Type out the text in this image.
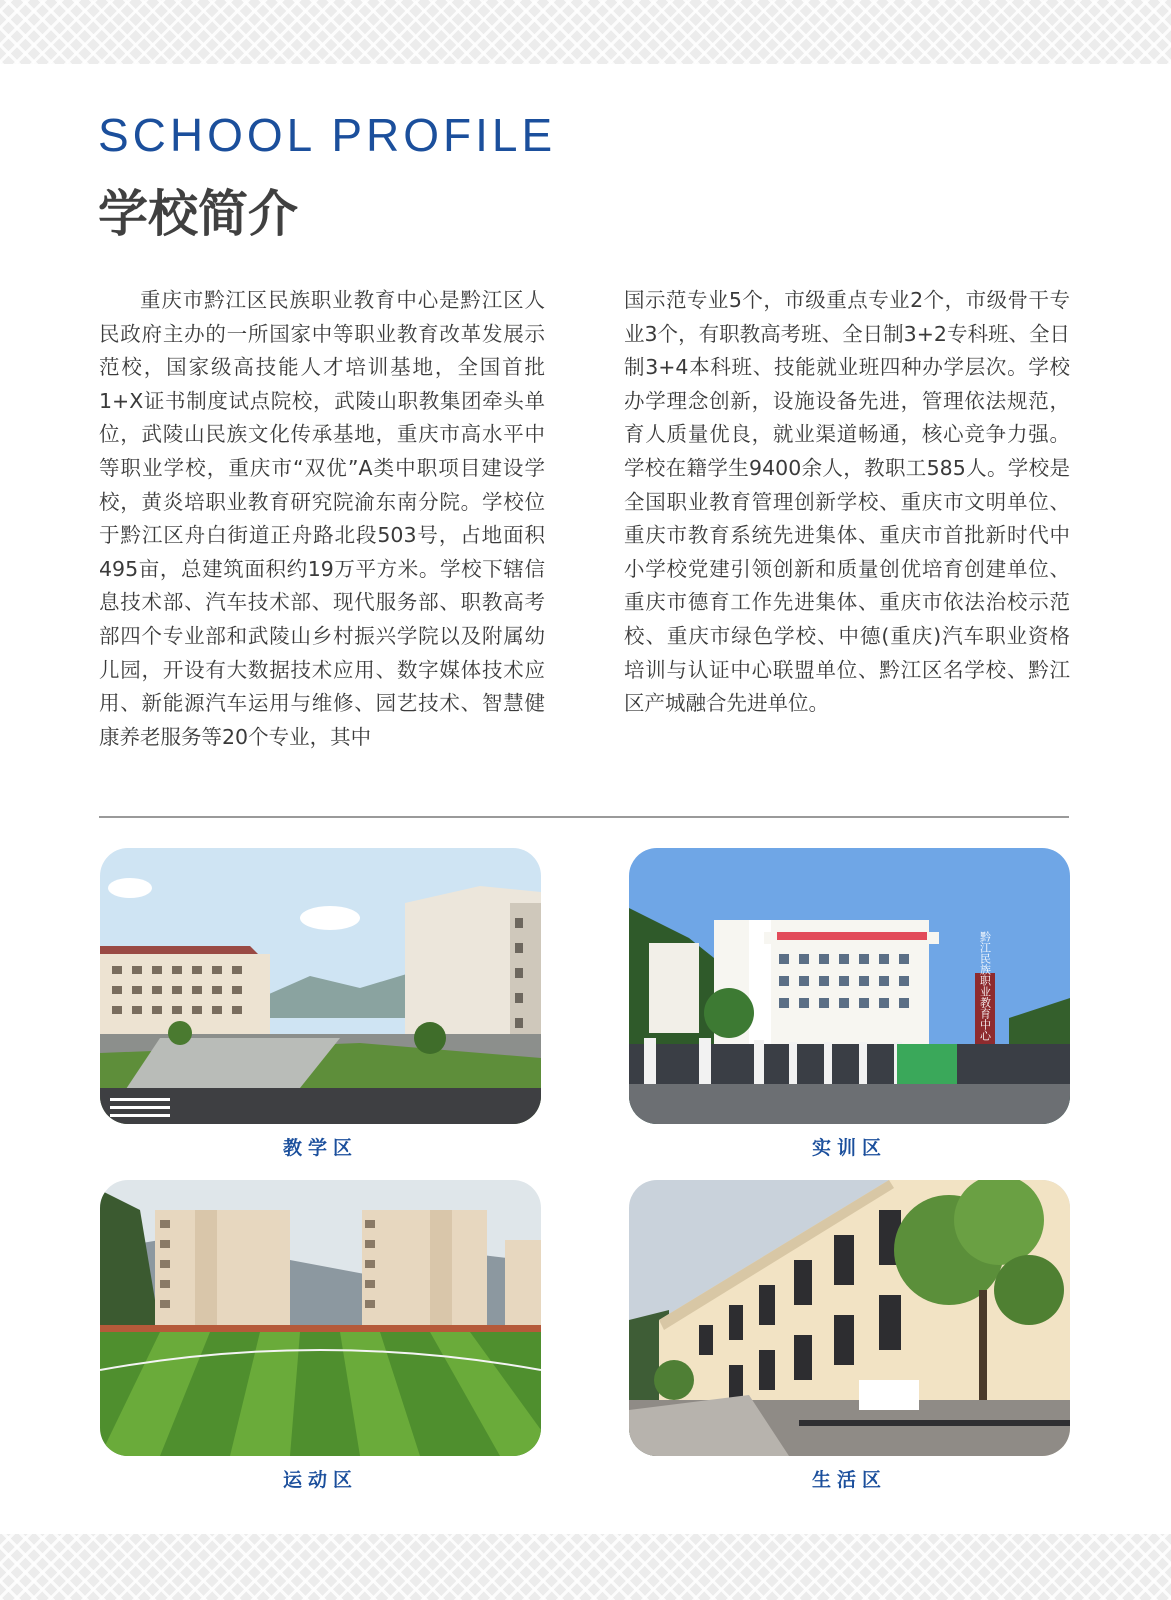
SCHOOL PROFILE
学校简介

重庆市黔江区民族职业教育中心是黔江区人民政府主办的一所国家中等职业教育改革发展示范校，国家级高技能人才培训基地，全国首批1+X证书制度试点院校，武陵山职教集团牵头单位，武陵山民族文化传承基地，重庆市高水平中等职业学校，重庆市“双优”A类中职项目建设学校，黄炎培职业教育研究院渝东南分院。学校位于黔江区舟白街道正舟路北段503号，占地面积495亩，总建筑面积约19万平方米。学校下辖信息技术部、汽车技术部、现代服务部、职教高考部四个专业部和武陵山乡村振兴学院以及附属幼儿园，开设有大数据技术应用、数字媒体技术应用、新能源汽车运用与维修、园艺技术、智慧健康养老服务等20个专业，其中

国示范专业5个，市级重点专业2个，市级骨干专业3个，有职教高考班、全日制3+2专科班、全日制3+4本科班、技能就业班四种办学层次。学校办学理念创新，设施设备先进，管理依法规范，育人质量优良，就业渠道畅通，核心竞争力强。学校在籍学生9400余人，教职工585人。学校是全国职业教育管理创新学校、重庆市文明单位、重庆市教育系统先进集体、重庆市首批新时代中小学校党建引领创新和质量创优培育创建单位、重庆市德育工作先进集体、重庆市依法治校示范校、重庆市绿色学校、中德(重庆)汽车职业资格培训与认证中心联盟单位、黔江区名学校、黔江区产城融合先进单位。

教学区

黔江民族职业教育中心

实训区

运动区	生活区
